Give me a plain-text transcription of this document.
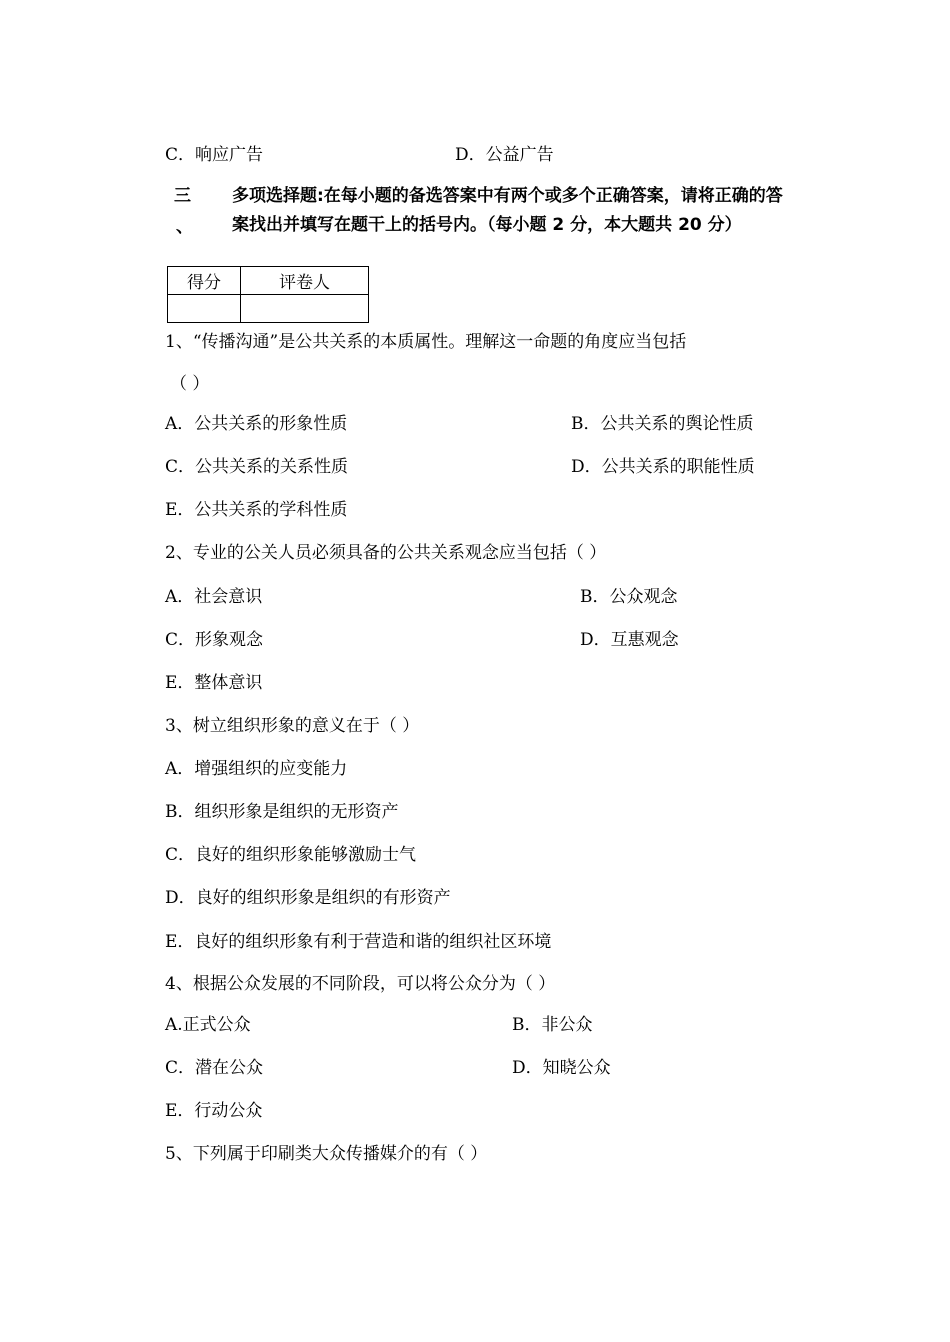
C．响应广告	D．公益广告
三
、
多项选择题:在每小题的备选答案中有两个或多个正确答案，请将正确的答
案找出并填写在题干上的括号内。（每小题 2 分，本大题共 20 分）
得分	评卷人

1、“传播沟通”是公共关系的本质属性。理解这一命题的角度应当包括
（ ）
A．公共关系的形象性质	B．公共关系的舆论性质
C．公共关系的关系性质	D．公共关系的职能性质
E．公共关系的学科性质
2、专业的公关人员必须具备的公共关系观念应当包括（ ）
A．社会意识	B．公众观念
C．形象观念	D．互惠观念
E．整体意识
3、树立组织形象的意义在于（ ）
A．增强组织的应变能力
B．组织形象是组织的无形资产
C．良好的组织形象能够激励士气
D．良好的组织形象是组织的有形资产
E．良好的组织形象有利于营造和谐的组织社区环境
4、根据公众发展的不同阶段，可以将公众分为（ ）
A.正式公众	B．非公众
C．潜在公众	D．知晓公众
E．行动公众
5、下列属于印刷类大众传播媒介的有（ ）
